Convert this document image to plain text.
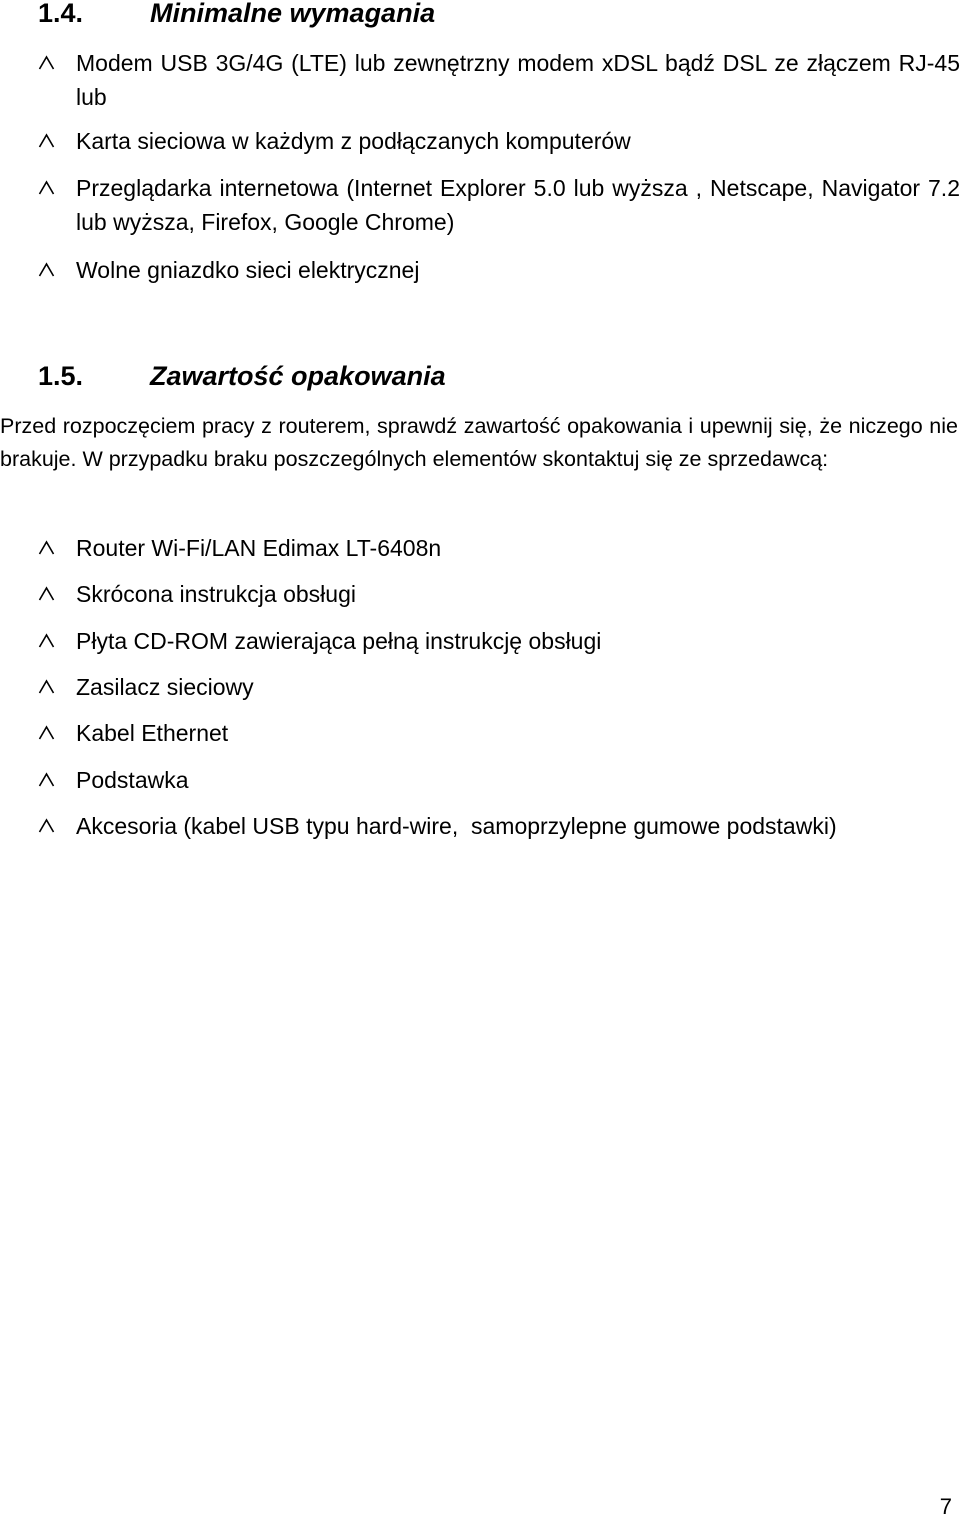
1.4. Minimalne wymagania
Modem USB 3G/4G (LTE) lub zewnętrzny modem xDSL bądź DSL ze złączem RJ-45 lub
Karta sieciowa w każdym z podłączanych komputerów
Przeglądarka internetowa (Internet Explorer 5.0 lub wyższa , Netscape, Navigator 7.2 lub wyższa, Firefox, Google Chrome)
Wolne gniazdko sieci elektrycznej
1.5. Zawartość opakowania

Przed rozpoczęciem pracy z routerem, sprawdź zawartość opakowania i upewnij się, że niczego nie brakuje. W przypadku braku poszczególnych elementów skontaktuj się ze sprzedawcą:

Router Wi-Fi/LAN Edimax LT-6408n
Skrócona instrukcja obsługi
Płyta CD-ROM zawierająca pełną instrukcję obsługi
Zasilacz sieciowy
Kabel Ethernet
Podstawka
Akcesoria (kabel USB typu hard-wire,  samoprzylepne gumowe podstawki)
7
